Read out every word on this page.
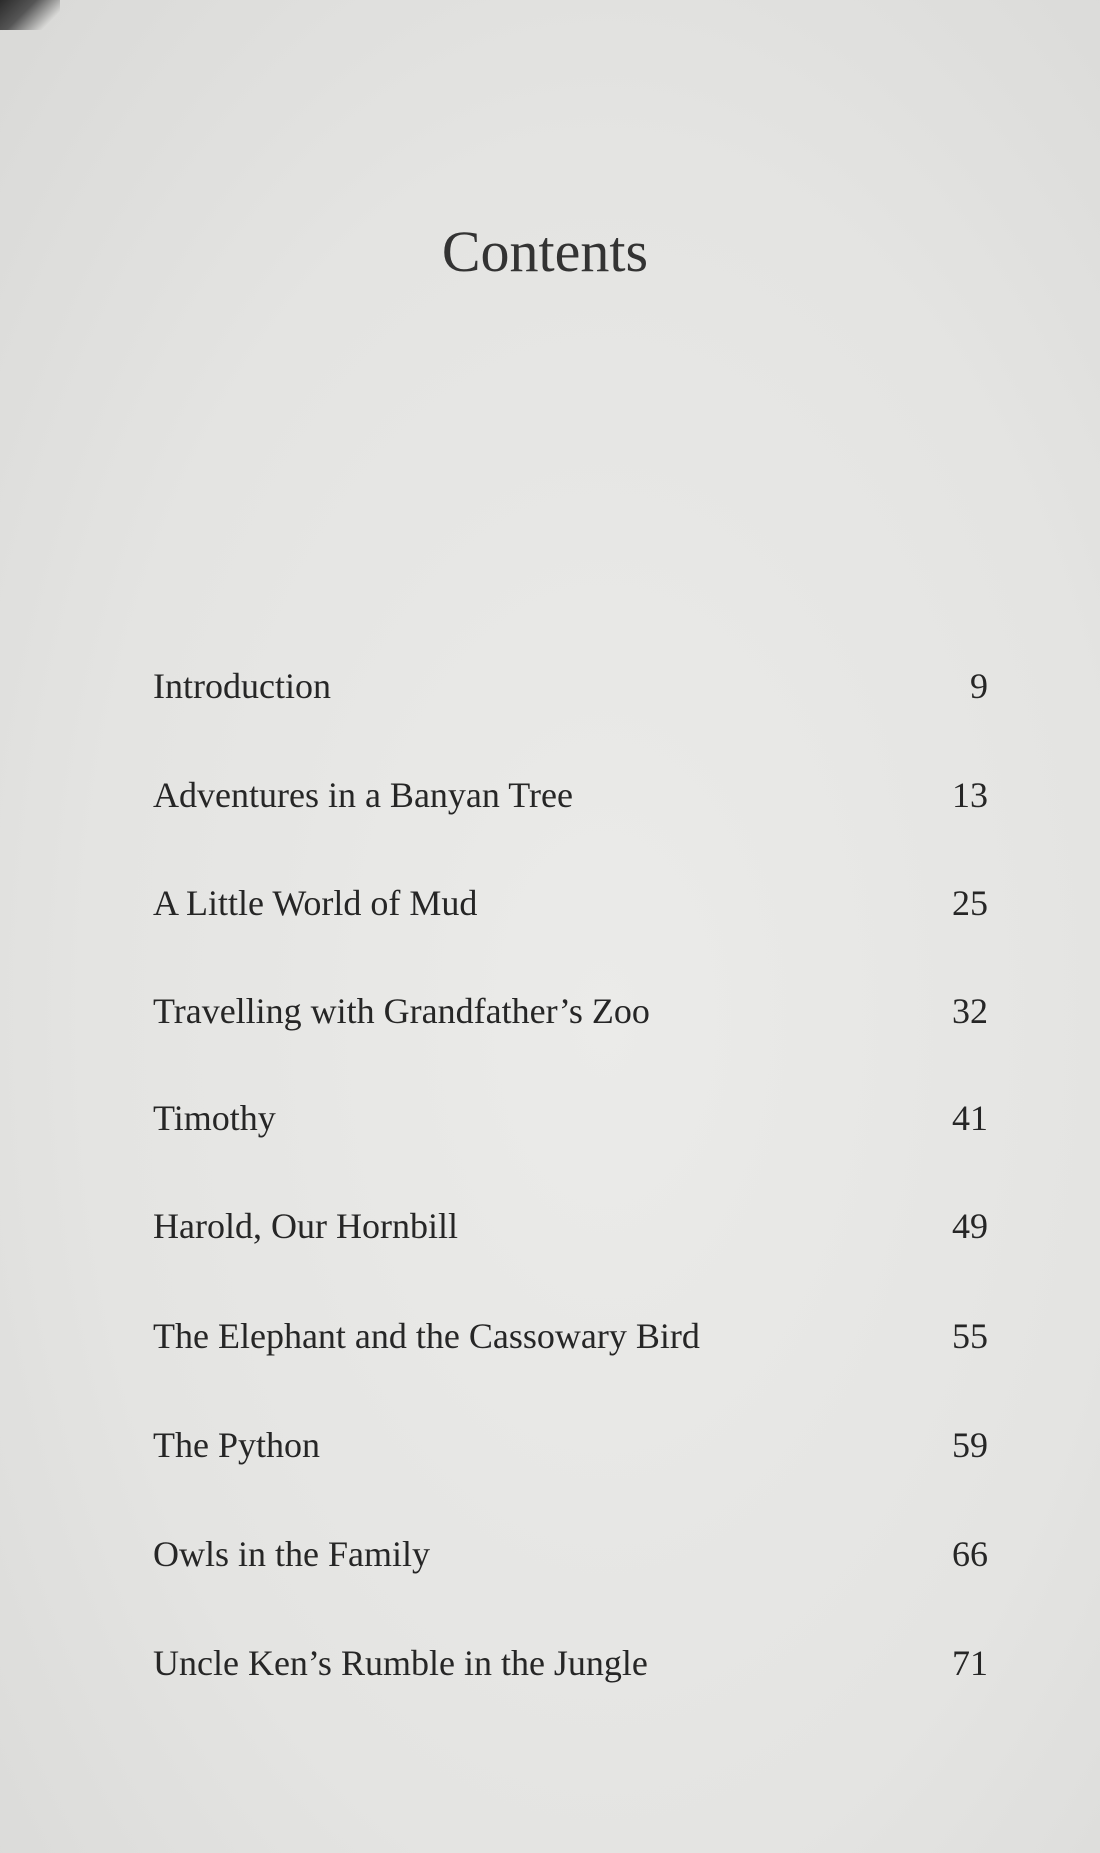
Contents
Introduction	9
Adventures in a Banyan Tree	13
A Little World of Mud	25
Travelling with Grandfather’s Zoo	32
Timothy	41
Harold, Our Hornbill	49
The Elephant and the Cassowary Bird	55
The Python	59
Owls in the Family	66
Uncle Ken’s Rumble in the Jungle	71
